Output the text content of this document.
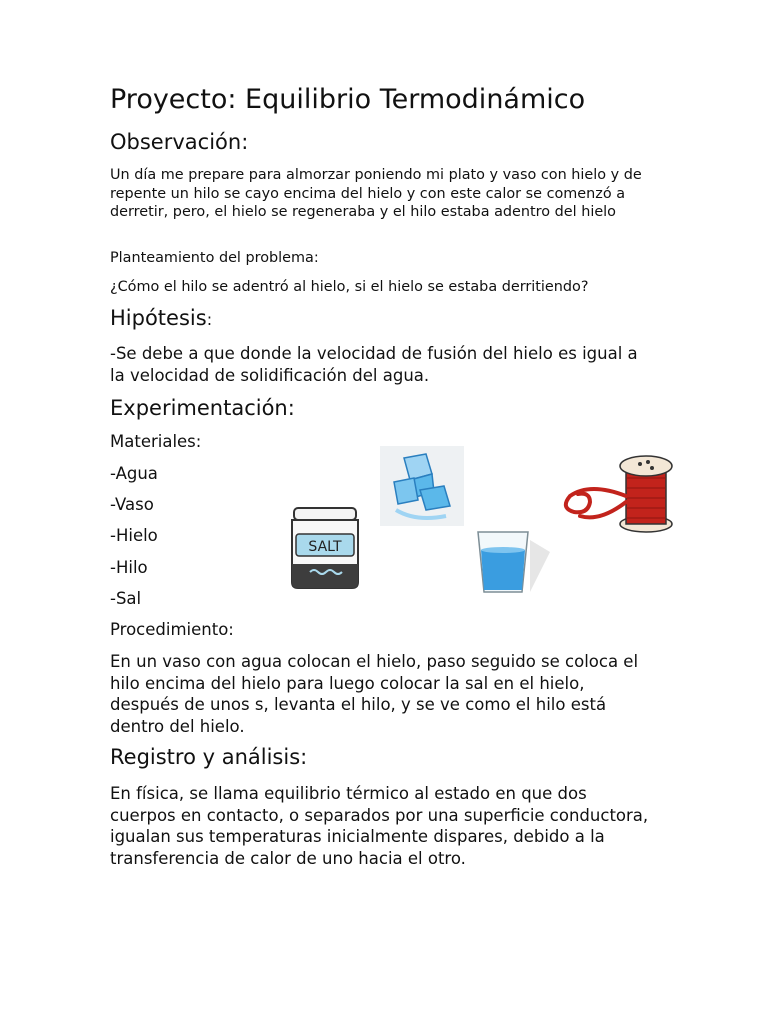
Proyecto: Equilibrio Termodinámico
Observación:

Un día me prepare para almorzar poniendo mi plato y vaso con hielo y de repente un hilo se cayo encima del hielo y con este calor se comenzó a derretir, pero, el hielo se regeneraba y el hilo estaba adentro del hielo

Planteamiento del problema:

¿Cómo el hilo se adentró al hielo, si el hielo se estaba derritiendo?

Hipótesis:

-Se debe a que donde la velocidad de fusión del hielo es igual a la velocidad de solidificación del agua.

Experimentación:

Materiales:

-Agua

-Vaso

-Hielo

-Hilo

-Sal

Procedimiento:

En un vaso con agua colocan el hielo, paso seguido se coloca el hilo encima del hielo para luego colocar la sal en el hielo, después de unos s, levanta el hilo, y se ve como el hilo está dentro del hielo.

Registro y análisis:

En física, se llama equilibrio térmico al estado en que dos cuerpos en contacto, o separados por una superficie conductora, igualan sus temperaturas inicialmente dispares, debido a la transferencia de calor de uno hacia el otro.

SALT
